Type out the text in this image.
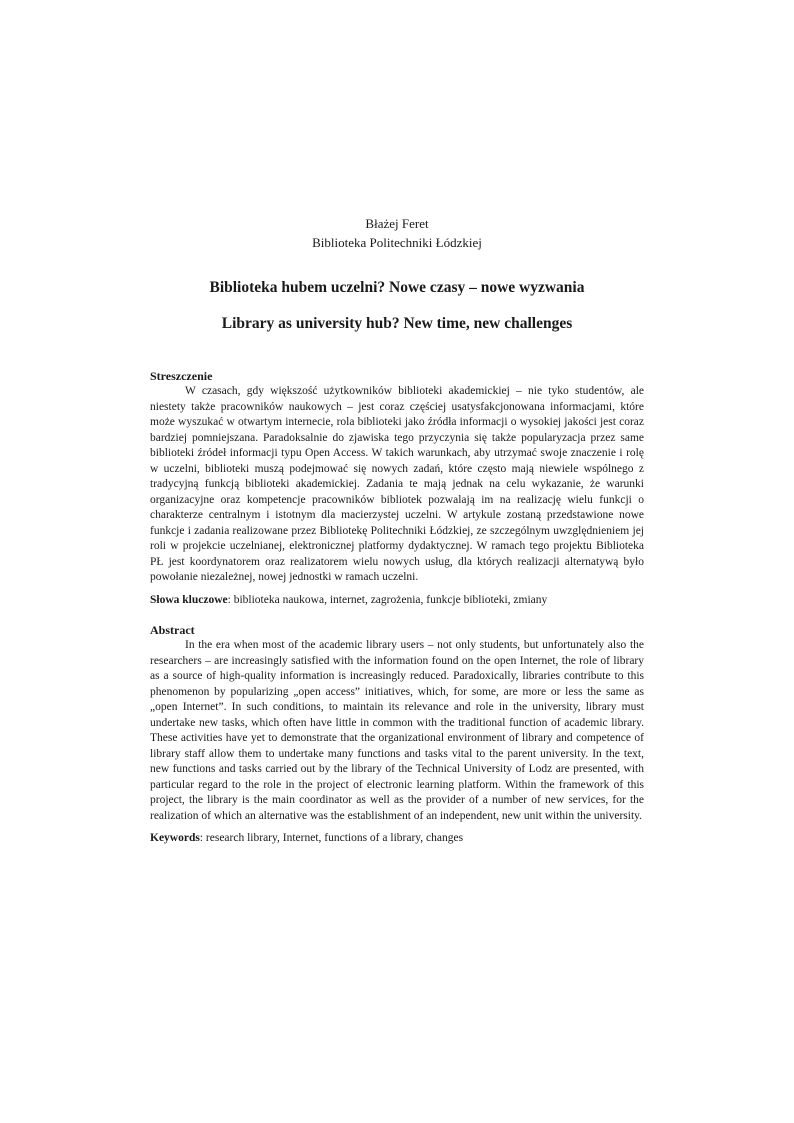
Błażej Feret

Biblioteka Politechniki Łódzkiej

Biblioteka hubem uczelni? Nowe czasy – nowe wyzwania
Library as university hub? New time, new challenges
Streszczenie

W czasach, gdy większość użytkowników biblioteki akademickiej – nie tyko studentów, ale niestety także pracowników naukowych – jest coraz częściej usatysfakcjonowana informacjami, które może wyszukać w otwartym internecie, rola biblioteki jako źródła informacji o wysokiej jakości jest coraz bardziej pomniejszana. Paradoksalnie do zjawiska tego przyczynia się także popularyzacja przez same biblioteki źródeł informacji typu Open Access. W takich warunkach, aby utrzymać swoje znaczenie i rolę w uczelni, biblioteki muszą podejmować się nowych zadań, które często mają niewiele wspólnego z tradycyjną funkcją biblioteki akademickiej. Zadania te mają jednak na celu wykazanie, że warunki organizacyjne oraz kompetencje pracowników bibliotek pozwalają im na realizację wielu funkcji o charakterze centralnym i istotnym dla macierzystej uczelni. W artykule zostaną przedstawione nowe funkcje i zadania realizowane przez Bibliotekę Politechniki Łódzkiej, ze szczególnym uwzględnieniem jej roli w projekcie uczelnianej, elektronicznej platformy dydaktycznej. W ramach tego projektu Biblioteka PŁ jest koordynatorem oraz realizatorem wielu nowych usług, dla których realizacji alternatywą było powołanie niezależnej, nowej jednostki w ramach uczelni.

Słowa kluczowe: biblioteka naukowa, internet, zagrożenia, funkcje biblioteki, zmiany

Abstract

In the era when most of the academic library users – not only students, but unfortunately also the researchers – are increasingly satisfied with the information found on the open Internet, the role of library as a source of high-quality information is increasingly reduced. Paradoxically, libraries contribute to this phenomenon by popularizing „open access” initiatives, which, for some, are more or less the same as „open Internet”. In such conditions, to maintain its relevance and role in the university, library must undertake new tasks, which often have little in common with the traditional function of academic library. These activities have yet to demonstrate that the organizational environment of library and competence of library staff allow them to undertake many functions and tasks vital to the parent university. In the text, new functions and tasks carried out by the library of the Technical University of Lodz are presented, with particular regard to the role in the project of electronic learning platform. Within the framework of this project, the library is the main coordinator as well as the provider of a number of new services, for the realization of which an alternative was the establishment of an independent, new unit within the university.

Keywords: research library, Internet, functions of a library, changes
